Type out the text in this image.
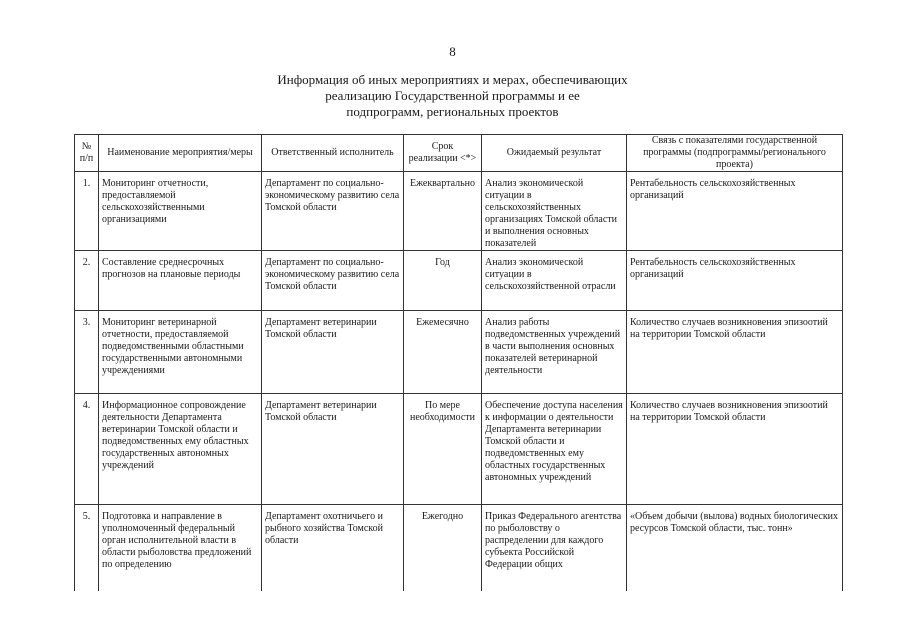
8
Информация об иных мероприятиях и мерах, обеспечивающих
реализацию Государственной программы и ее
подпрограмм, региональных проектов
№ п/п	Наименование мероприятия/меры	Ответственный исполнитель	Срок реализации <*>	Ожидаемый результат	Связь с показателями государственной программы (подпрограммы/регионального проекта)
1.	Мониторинг отчетности, предоставляемой сельскохозяйственными организациями	Департамент по социально-экономическому развитию села Томской области	Ежеквартально	Анализ экономической ситуации в сельскохозяйственных организациях Томской области и выполнения основных показателей	Рентабельность сельскохозяйственных организаций
2.	Составление среднесрочных прогнозов на плановые периоды	Департамент по социально-экономическому развитию села Томской области	Год	Анализ экономической ситуации в сельскохозяйственной отрасли	Рентабельность сельскохозяйственных организаций
3.	Мониторинг ветеринарной отчетности, предоставляемой подведомственными областными государственными автономными учреждениями	Департамент ветеринарии Томской области	Ежемесячно	Анализ работы подведомственных учреждений в части выполнения основных показателей ветеринарной деятельности	Количество случаев возникновения эпизоотий на территории Томской области
4.	Информационное сопровождение деятельности Департамента ветеринарии Томской области и подведомственных ему областных государственных автономных учреждений	Департамент ветеринарии Томской области	По мере необходимости	Обеспечение доступа населения к информации о деятельности Департамента ветеринарии Томской области и подведомственных ему областных государственных автономных учреждений	Количество случаев возникновения эпизоотий на территории Томской области
5.	Подготовка и направление в уполномоченный федеральный орган исполнительной власти в области рыболовства предложений по определению	Департамент охотничьего и рыбного хозяйства Томской области	Ежегодно	Приказ Федерального агентства по рыболовству о распределении для каждого субъекта Российской Федерации общих	«Объем добычи (вылова) водных биологических ресурсов Томской области, тыс. тонн»
